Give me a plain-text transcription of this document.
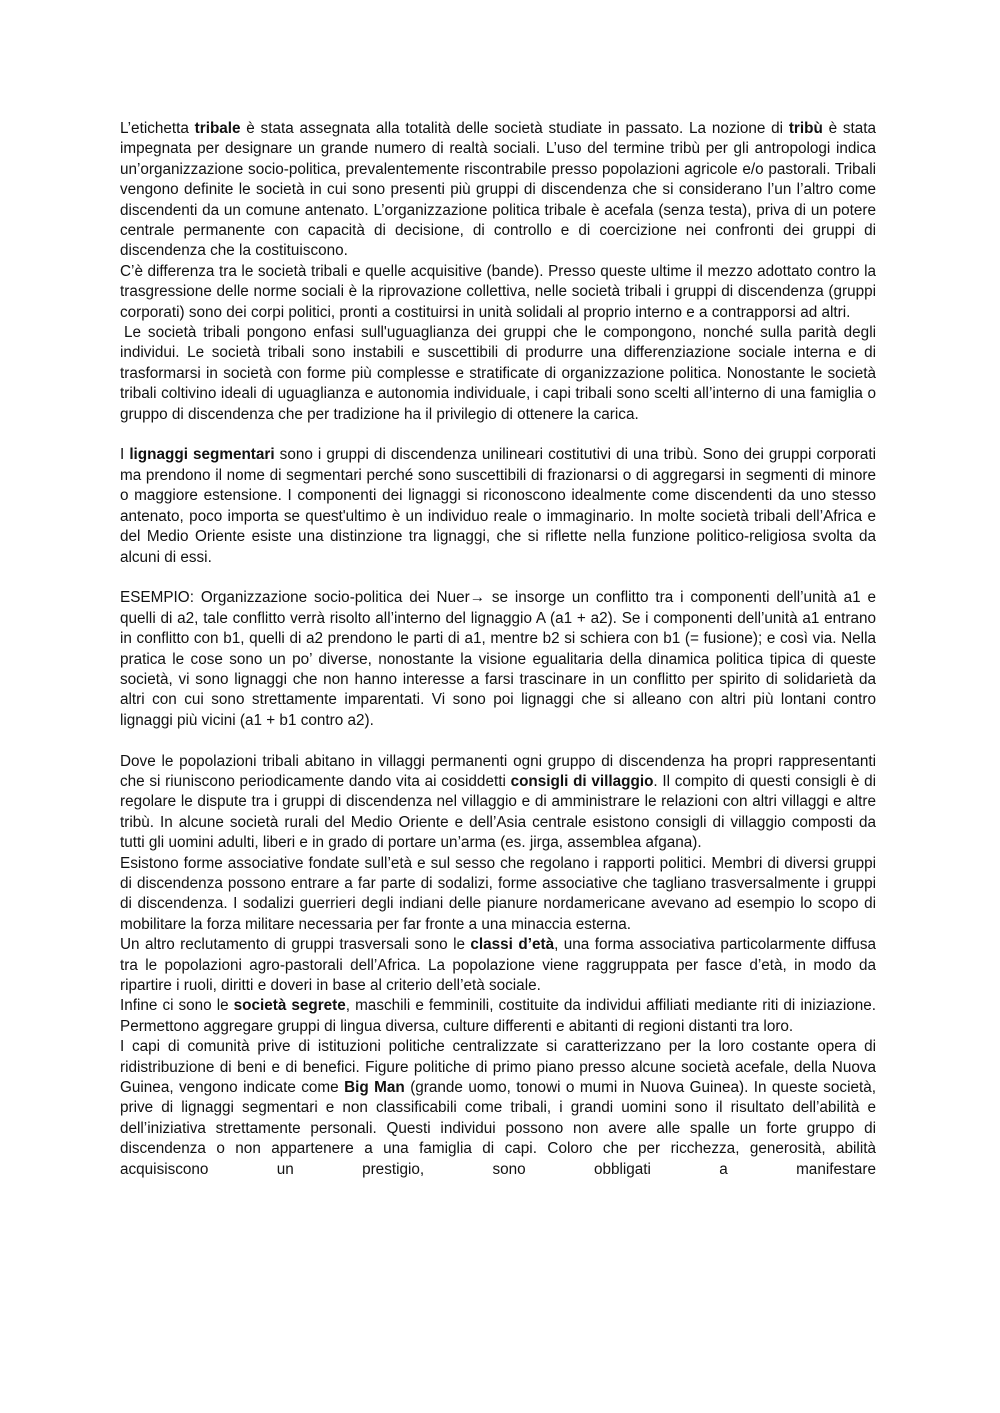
L’etichetta tribale è stata assegnata alla totalità delle società studiate in passato. La nozione di tribù è stata impegnata per designare un grande numero di realtà sociali. L’uso del termine tribù per gli antropologi indica un’organizzazione socio-politica, prevalentemente riscontrabile presso popolazioni agricole e/o pastorali. Tribali vengono definite le società in cui sono presenti più gruppi di discendenza che si considerano l’un l’altro come discendenti da un comune antenato. L’organizzazione politica tribale è acefala (senza testa), priva di un potere centrale permanente con capacità di decisione, di controllo e di coercizione nei confronti dei gruppi di discendenza che la costituiscono.

C’è differenza tra le società tribali e quelle acquisitive (bande). Presso queste ultime il mezzo adottato contro la trasgressione delle norme sociali è la riprovazione collettiva, nelle società tribali i gruppi di discendenza (gruppi corporati) sono dei corpi politici, pronti a costituirsi in unità solidali al proprio interno e a contrapporsi ad altri.

Le società tribali pongono enfasi sull'uguaglianza dei gruppi che le compongono, nonché sulla parità degli individui. Le società tribali sono instabili e suscettibili di produrre una differenziazione sociale interna e di trasformarsi in società con forme più complesse e stratificate di organizzazione politica. Nonostante le società tribali coltivino ideali di uguaglianza e autonomia individuale, i capi tribali sono scelti all’interno di una famiglia o gruppo di discendenza che per tradizione ha il privilegio di ottenere la carica.

I lignaggi segmentari sono i gruppi di discendenza unilineari costitutivi di una tribù. Sono dei gruppi corporati ma prendono il nome di segmentari perché sono suscettibili di frazionarsi o di aggregarsi in segmenti di minore o maggiore estensione. I componenti dei lignaggi si riconoscono idealmente come discendenti da uno stesso antenato, poco importa se quest'ultimo è un individuo reale o immaginario. In molte società tribali dell’Africa e del Medio Oriente esiste una distinzione tra lignaggi, che si riflette nella funzione politico-religiosa svolta da alcuni di essi.

ESEMPIO: Organizzazione socio-politica dei Nuer→ se insorge un conflitto tra i componenti dell’unità a1 e quelli di a2, tale conflitto verrà risolto all’interno del lignaggio A (a1 + a2). Se i componenti dell’unità a1 entrano in conflitto con b1, quelli di a2 prendono le parti di a1, mentre b2 si schiera con b1 (= fusione); e così via. Nella pratica le cose sono un po’ diverse, nonostante la visione egualitaria della dinamica politica tipica di queste società, vi sono lignaggi che non hanno interesse a farsi trascinare in un conflitto per spirito di solidarietà da altri con cui sono strettamente imparentati. Vi sono poi lignaggi che si alleano con altri più lontani contro lignaggi più vicini (a1 + b1 contro a2).

Dove le popolazioni tribali abitano in villaggi permanenti ogni gruppo di discendenza ha propri rappresentanti che si riuniscono periodicamente dando vita ai cosiddetti consigli di villaggio. Il compito di questi consigli è di regolare le dispute tra i gruppi di discendenza nel villaggio e di amministrare le relazioni con altri villaggi e altre tribù. In alcune società rurali del Medio Oriente e dell’Asia centrale esistono consigli di villaggio composti da tutti gli uomini adulti, liberi e in grado di portare un’arma (es. jirga, assemblea afgana).

Esistono forme associative fondate sull’età e sul sesso che regolano i rapporti politici. Membri di diversi gruppi di discendenza possono entrare a far parte di sodalizi, forme associative che tagliano trasversalmente i gruppi di discendenza. I sodalizi guerrieri degli indiani delle pianure nordamericane avevano ad esempio lo scopo di mobilitare la forza militare necessaria per far fronte a una minaccia esterna.

Un altro reclutamento di gruppi trasversali sono le classi d’età, una forma associativa particolarmente diffusa tra le popolazioni agro-pastorali dell’Africa. La popolazione viene raggruppata per fasce d’età, in modo da ripartire i ruoli, diritti e doveri in base al criterio dell’età sociale.

Infine ci sono le società segrete, maschili e femminili, costituite da individui affiliati mediante riti di iniziazione. Permettono aggregare gruppi di lingua diversa, culture differenti e abitanti di regioni distanti tra loro.

I capi di comunità prive di istituzioni politiche centralizzate si caratterizzano per la loro costante opera di ridistribuzione di beni e di benefici. Figure politiche di primo piano presso alcune società acefale, della Nuova Guinea, vengono indicate come Big Man (grande uomo, tonowi o mumi in Nuova Guinea). In queste società, prive di lignaggi segmentari e non classificabili come tribali, i grandi uomini sono il risultato dell’abilità e dell’iniziativa strettamente personali. Questi individui possono non avere alle spalle un forte gruppo di discendenza o non appartenere a una famiglia di capi. Coloro che per ricchezza, generosità, abilità acquisiscono un prestigio, sono obbligati a manifestare
